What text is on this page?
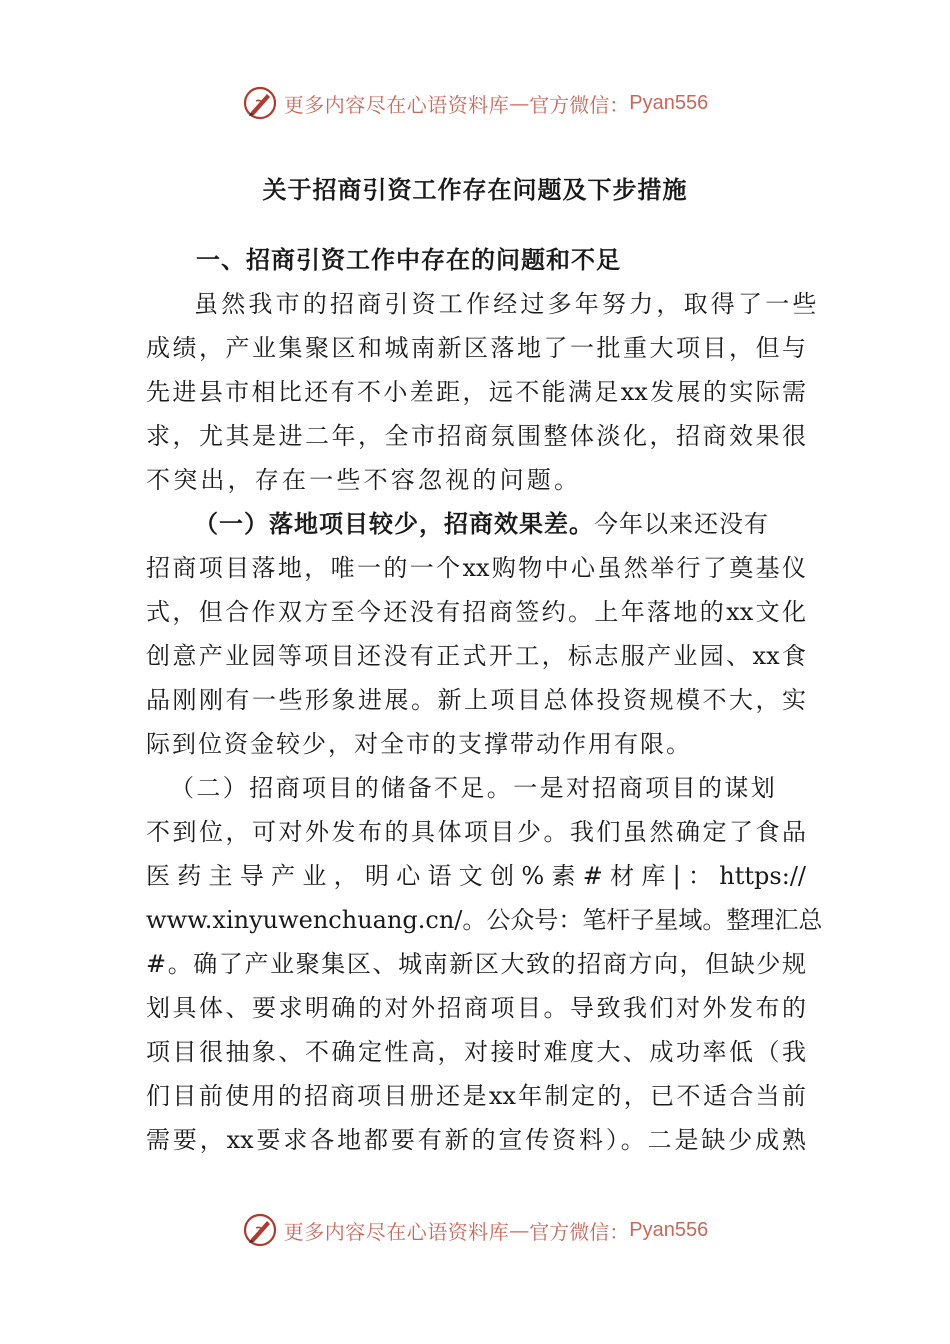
更多内容尽在心语资料库 — 官方微信： Pyan556
关于招商引资工作存在问题及下步措施
一、招商引资工作中存在的问题和不足
虽然我市的招商引资工作经过多年努力，取得了一些
成绩，产业集聚区和城南新区落地了一批重大项目，但与
先进县市相比还有不小差距，远不能满足xx发展的实际需
求，尤其是进二年，全市招商氛围整体淡化，招商效果很
不突出，存在一些不容忽视的问题。
（一）落地项目较少，招商效果差。今年以来还没有
招商项目落地，唯一的一个xx购物中心虽然举行了奠基仪
式，但合作双方至今还没有招商签约。上年落地的xx文化
创意产业园等项目还没有正式开工，标志服产业园、xx食
品刚刚有一些形象进展。新上项目总体投资规模不大，实
际到位资金较少，对全市的支撑带动作用有限。
（二）招商项目的储备不足。一是对招商项目的谋划
不到位，可对外发布的具体项目少。我们虽然确定了食品
医药主导产业，明心语文创%素#材库|：https://
www.xinyuwenchuang.cn/。公众号：笔杆子星域。整理汇总
#。确了产业聚集区、城南新区大致的招商方向，但缺少规
划具体、要求明确的对外招商项目。导致我们对外发布的
项目很抽象、不确定性高，对接时难度大、成功率低（我
们目前使用的招商项目册还是xx年制定的，已不适合当前
需要，xx要求各地都要有新的宣传资料）。二是缺少成熟
更多内容尽在心语资料库 — 官方微信： Pyan556
